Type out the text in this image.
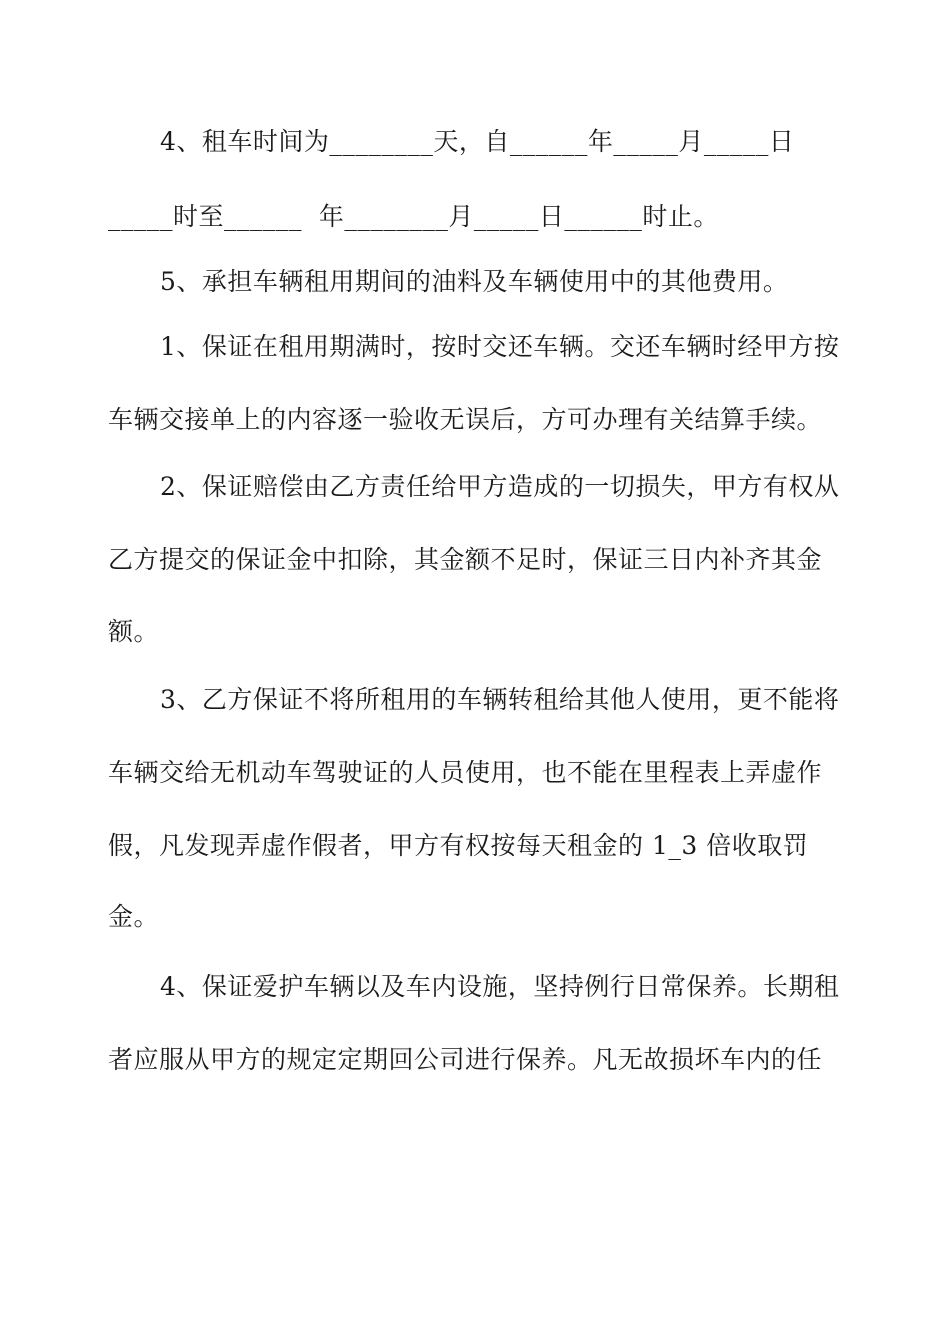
4、租车时间为________天，自______年_____月_____日
_____时至______  年________月_____日______时止。
5、承担车辆租用期间的油料及车辆使用中的其他费用。
1、保证在租用期满时，按时交还车辆。交还车辆时经甲方按
车辆交接单上的内容逐一验收无误后，方可办理有关结算手续。
2、保证赔偿由乙方责任给甲方造成的一切损失，甲方有权从
乙方提交的保证金中扣除，其金额不足时，保证三日内补齐其金
额。
3、乙方保证不将所租用的车辆转租给其他人使用，更不能将
车辆交给无机动车驾驶证的人员使用，也不能在里程表上弄虚作
假，凡发现弄虚作假者，甲方有权按每天租金的 1_3 倍收取罚
金。
4、保证爱护车辆以及车内设施，坚持例行日常保养。长期租
者应服从甲方的规定定期回公司进行保养。凡无故损坏车内的任
